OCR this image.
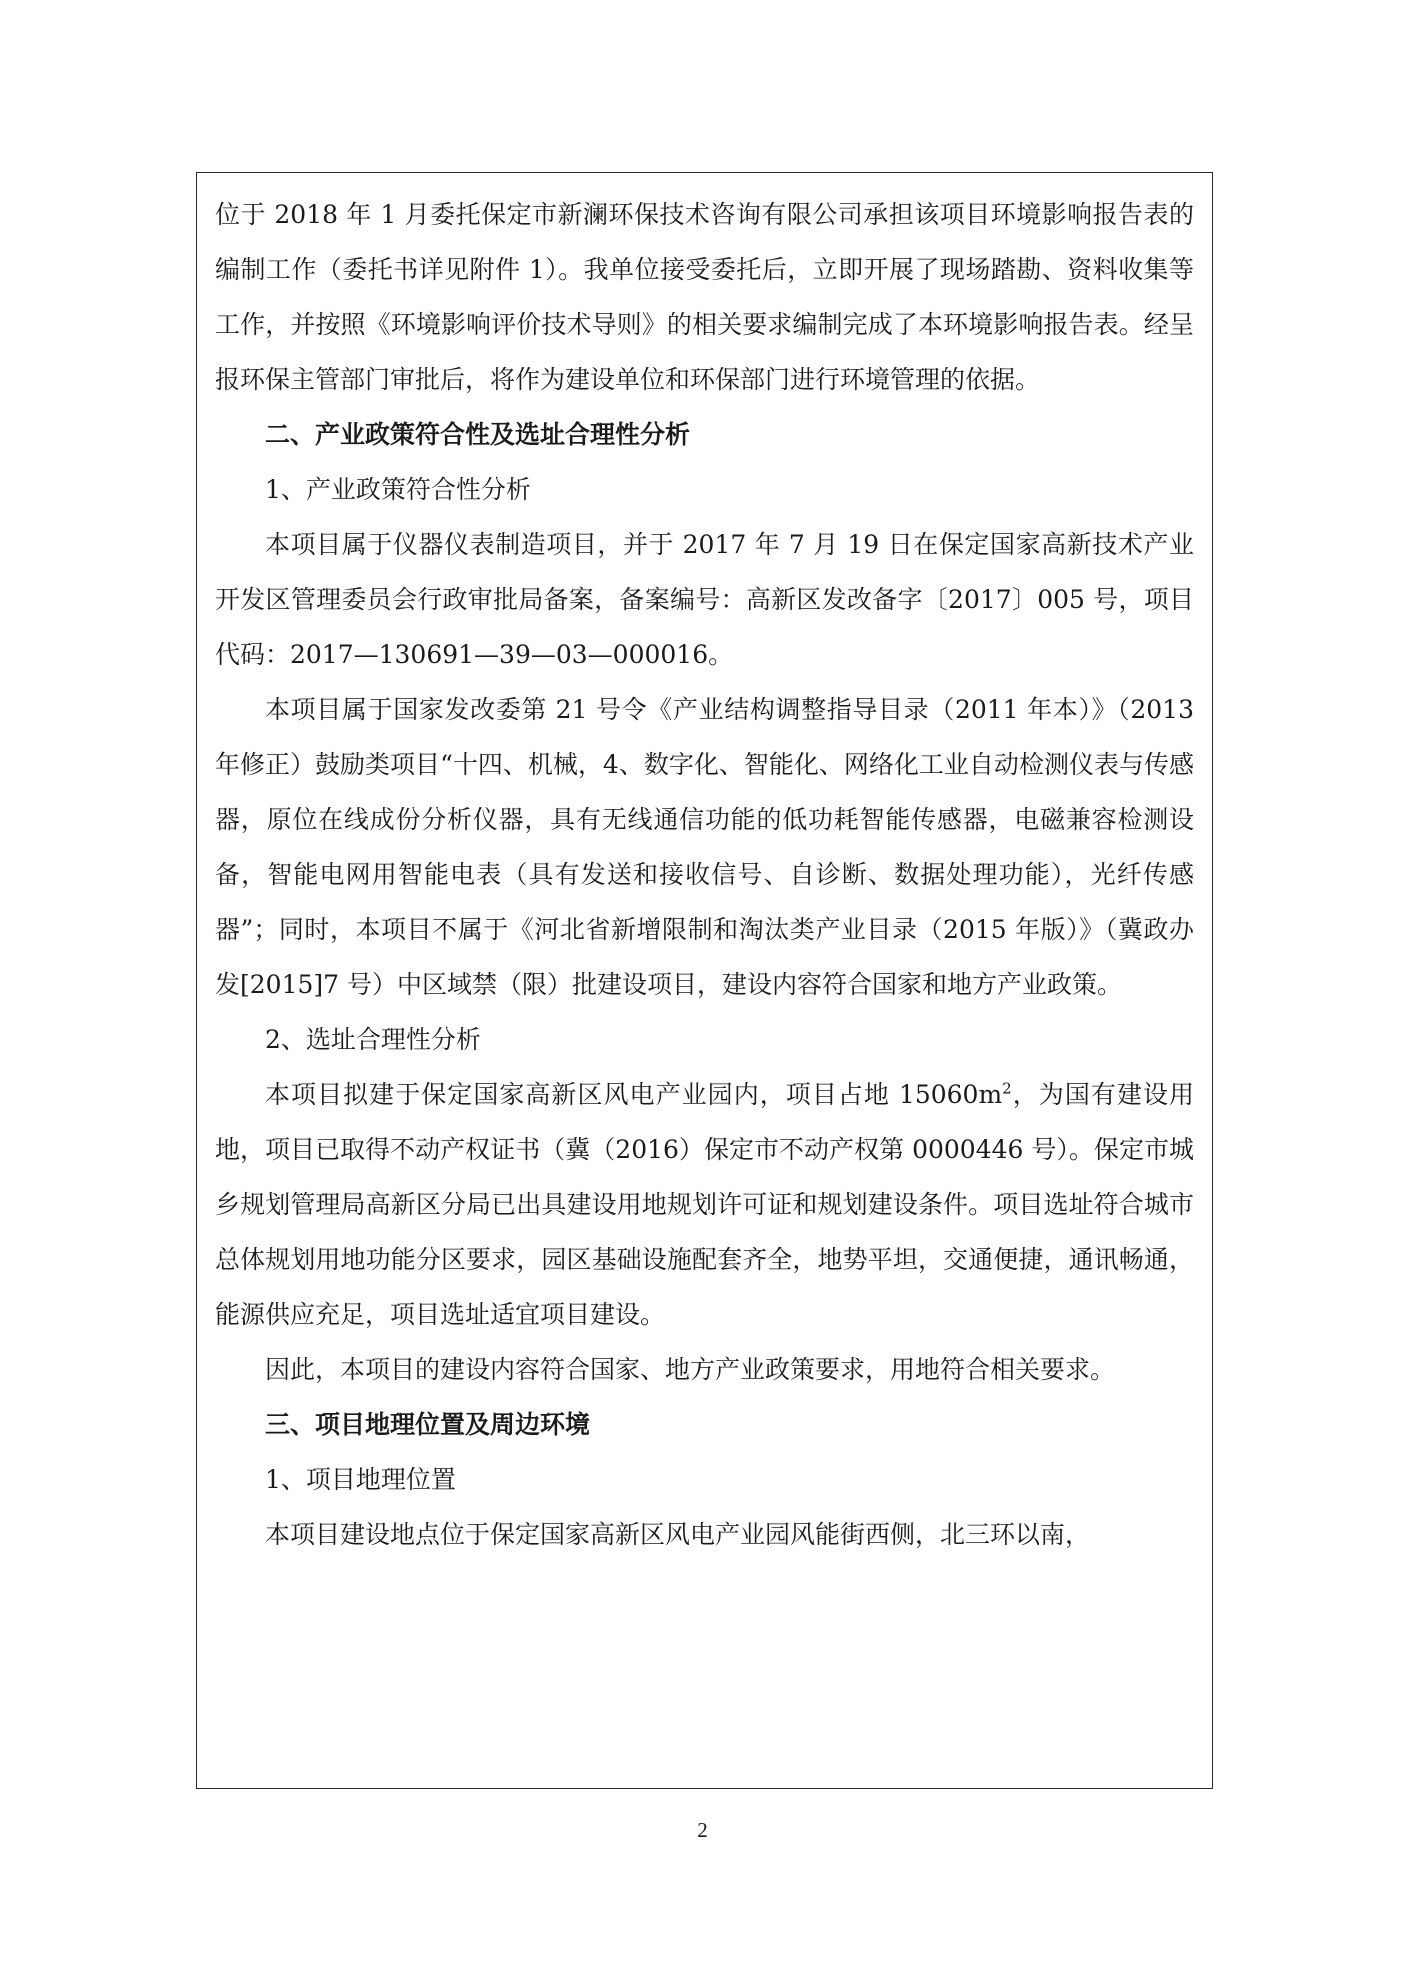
位于 2018 年 1 月委托保定市新澜环保技术咨询有限公司承担该项目环境影响报告表的编制工作（委托书详见附件 1）。我单位接受委托后，立即开展了现场踏勘、资料收集等工作，并按照《环境影响评价技术导则》的相关要求编制完成了本环境影响报告表。经呈报环保主管部门审批后，将作为建设单位和环保部门进行环境管理的依据。

二、产业政策符合性及选址合理性分析

1、产业政策符合性分析

本项目属于仪器仪表制造项目，并于 2017 年 7 月 19 日在保定国家高新技术产业开发区管理委员会行政审批局备案，备案编号：高新区发改备字〔2017〕005 号，项目代码：2017—130691—39—03—000016。

本项目属于国家发改委第 21 号令《产业结构调整指导目录（2011 年本）》（2013 年修正）鼓励类项目“十四、机械，4、数字化、智能化、网络化工业自动检测仪表与传感器，原位在线成份分析仪器，具有无线通信功能的低功耗智能传感器，电磁兼容检测设备，智能电网用智能电表（具有发送和接收信号、自诊断、数据处理功能），光纤传感器”；同时，本项目不属于《河北省新增限制和淘汰类产业目录（2015 年版）》（冀政办发[2015]7 号）中区域禁（限）批建设项目，建设内容符合国家和地方产业政策。

2、选址合理性分析

本项目拟建于保定国家高新区风电产业园内，项目占地 $15060m^2$，为国有建设用地，项目已取得不动产权证书（冀（2016）保定市不动产权第 0000446 号）。保定市城乡规划管理局高新区分局已出具建设用地规划许可证和规划建设条件。项目选址符合城市总体规划用地功能分区要求，园区基础设施配套齐全，地势平坦，交通便捷，通讯畅通，能源供应充足，项目选址适宜项目建设。

因此，本项目的建设内容符合国家、地方产业政策要求，用地符合相关要求。

三、项目地理位置及周边环境

1、项目地理位置

本项目建设地点位于保定国家高新区风电产业园风能街西侧，北三环以南，

2
